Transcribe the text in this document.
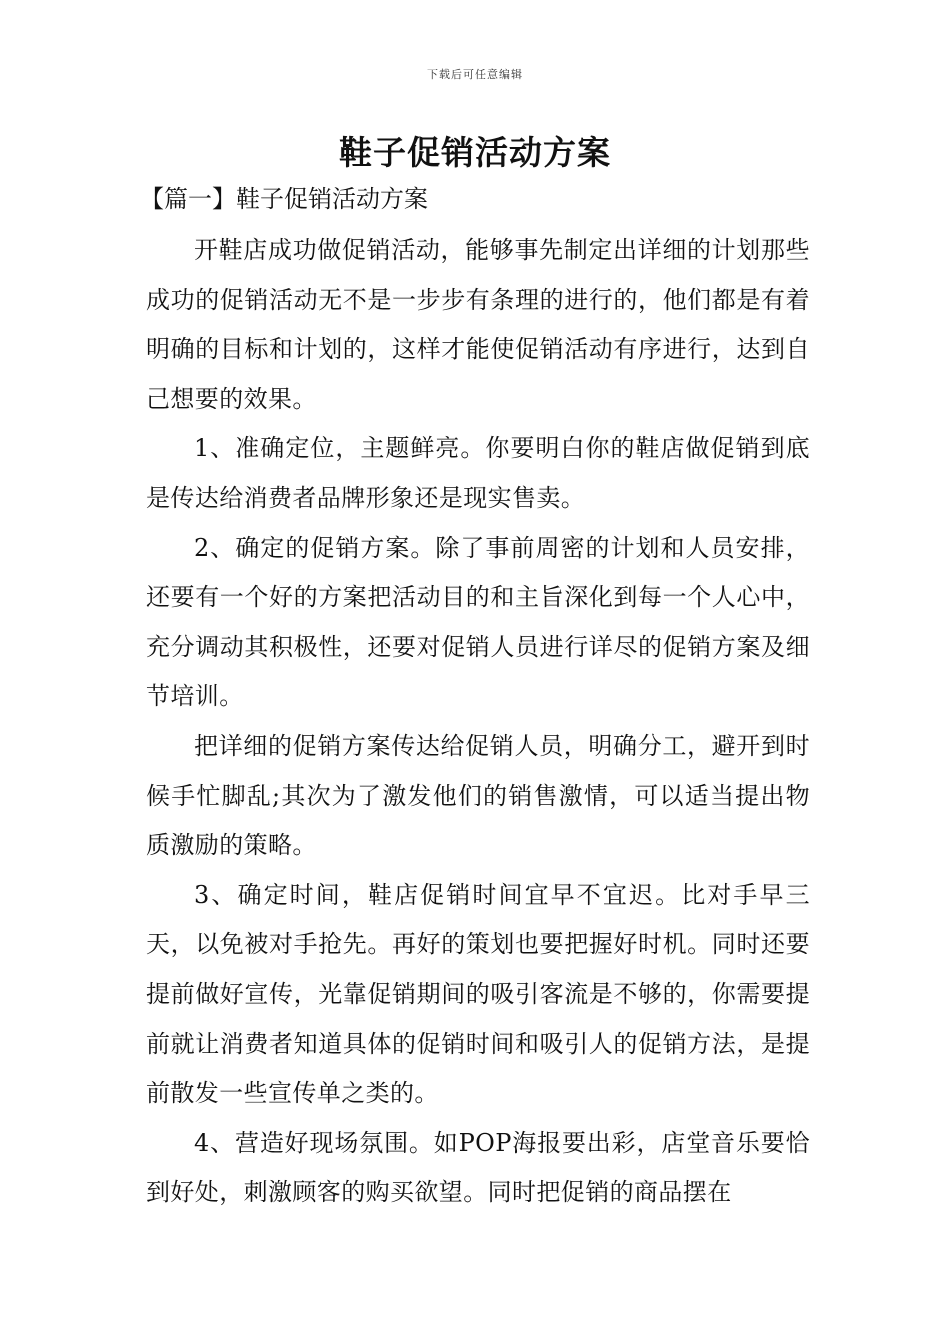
下载后可任意编辑
鞋子促销活动方案
【篇一】鞋子促销活动方案

开鞋店成功做促销活动，能够事先制定出详细的计划那些成功的促销活动无不是一步步有条理的进行的，他们都是有着明确的目标和计划的，这样才能使促销活动有序进行，达到自己想要的效果。

1、准确定位，主题鲜亮。你要明白你的鞋店做促销到底是传达给消费者品牌形象还是现实售卖。

2、确定的促销方案。除了事前周密的计划和人员安排，还要有一个好的方案把活动目的和主旨深化到每一个人心中，充分调动其积极性，还要对促销人员进行详尽的促销方案及细节培训。

把详细的促销方案传达给促销人员，明确分工，避开到时候手忙脚乱;其次为了激发他们的销售激情，可以适当提出物质激励的策略。

3、确定时间，鞋店促销时间宜早不宜迟。比对手早三天，以免被对手抢先。再好的策划也要把握好时机。同时还要提前做好宣传，光靠促销期间的吸引客流是不够的，你需要提前就让消费者知道具体的促销时间和吸引人的促销方法，是提前散发一些宣传单之类的。

4、营造好现场氛围。如POP海报要出彩，店堂音乐要恰到好处，刺激顾客的购买欲望。同时把促销的商品摆在
